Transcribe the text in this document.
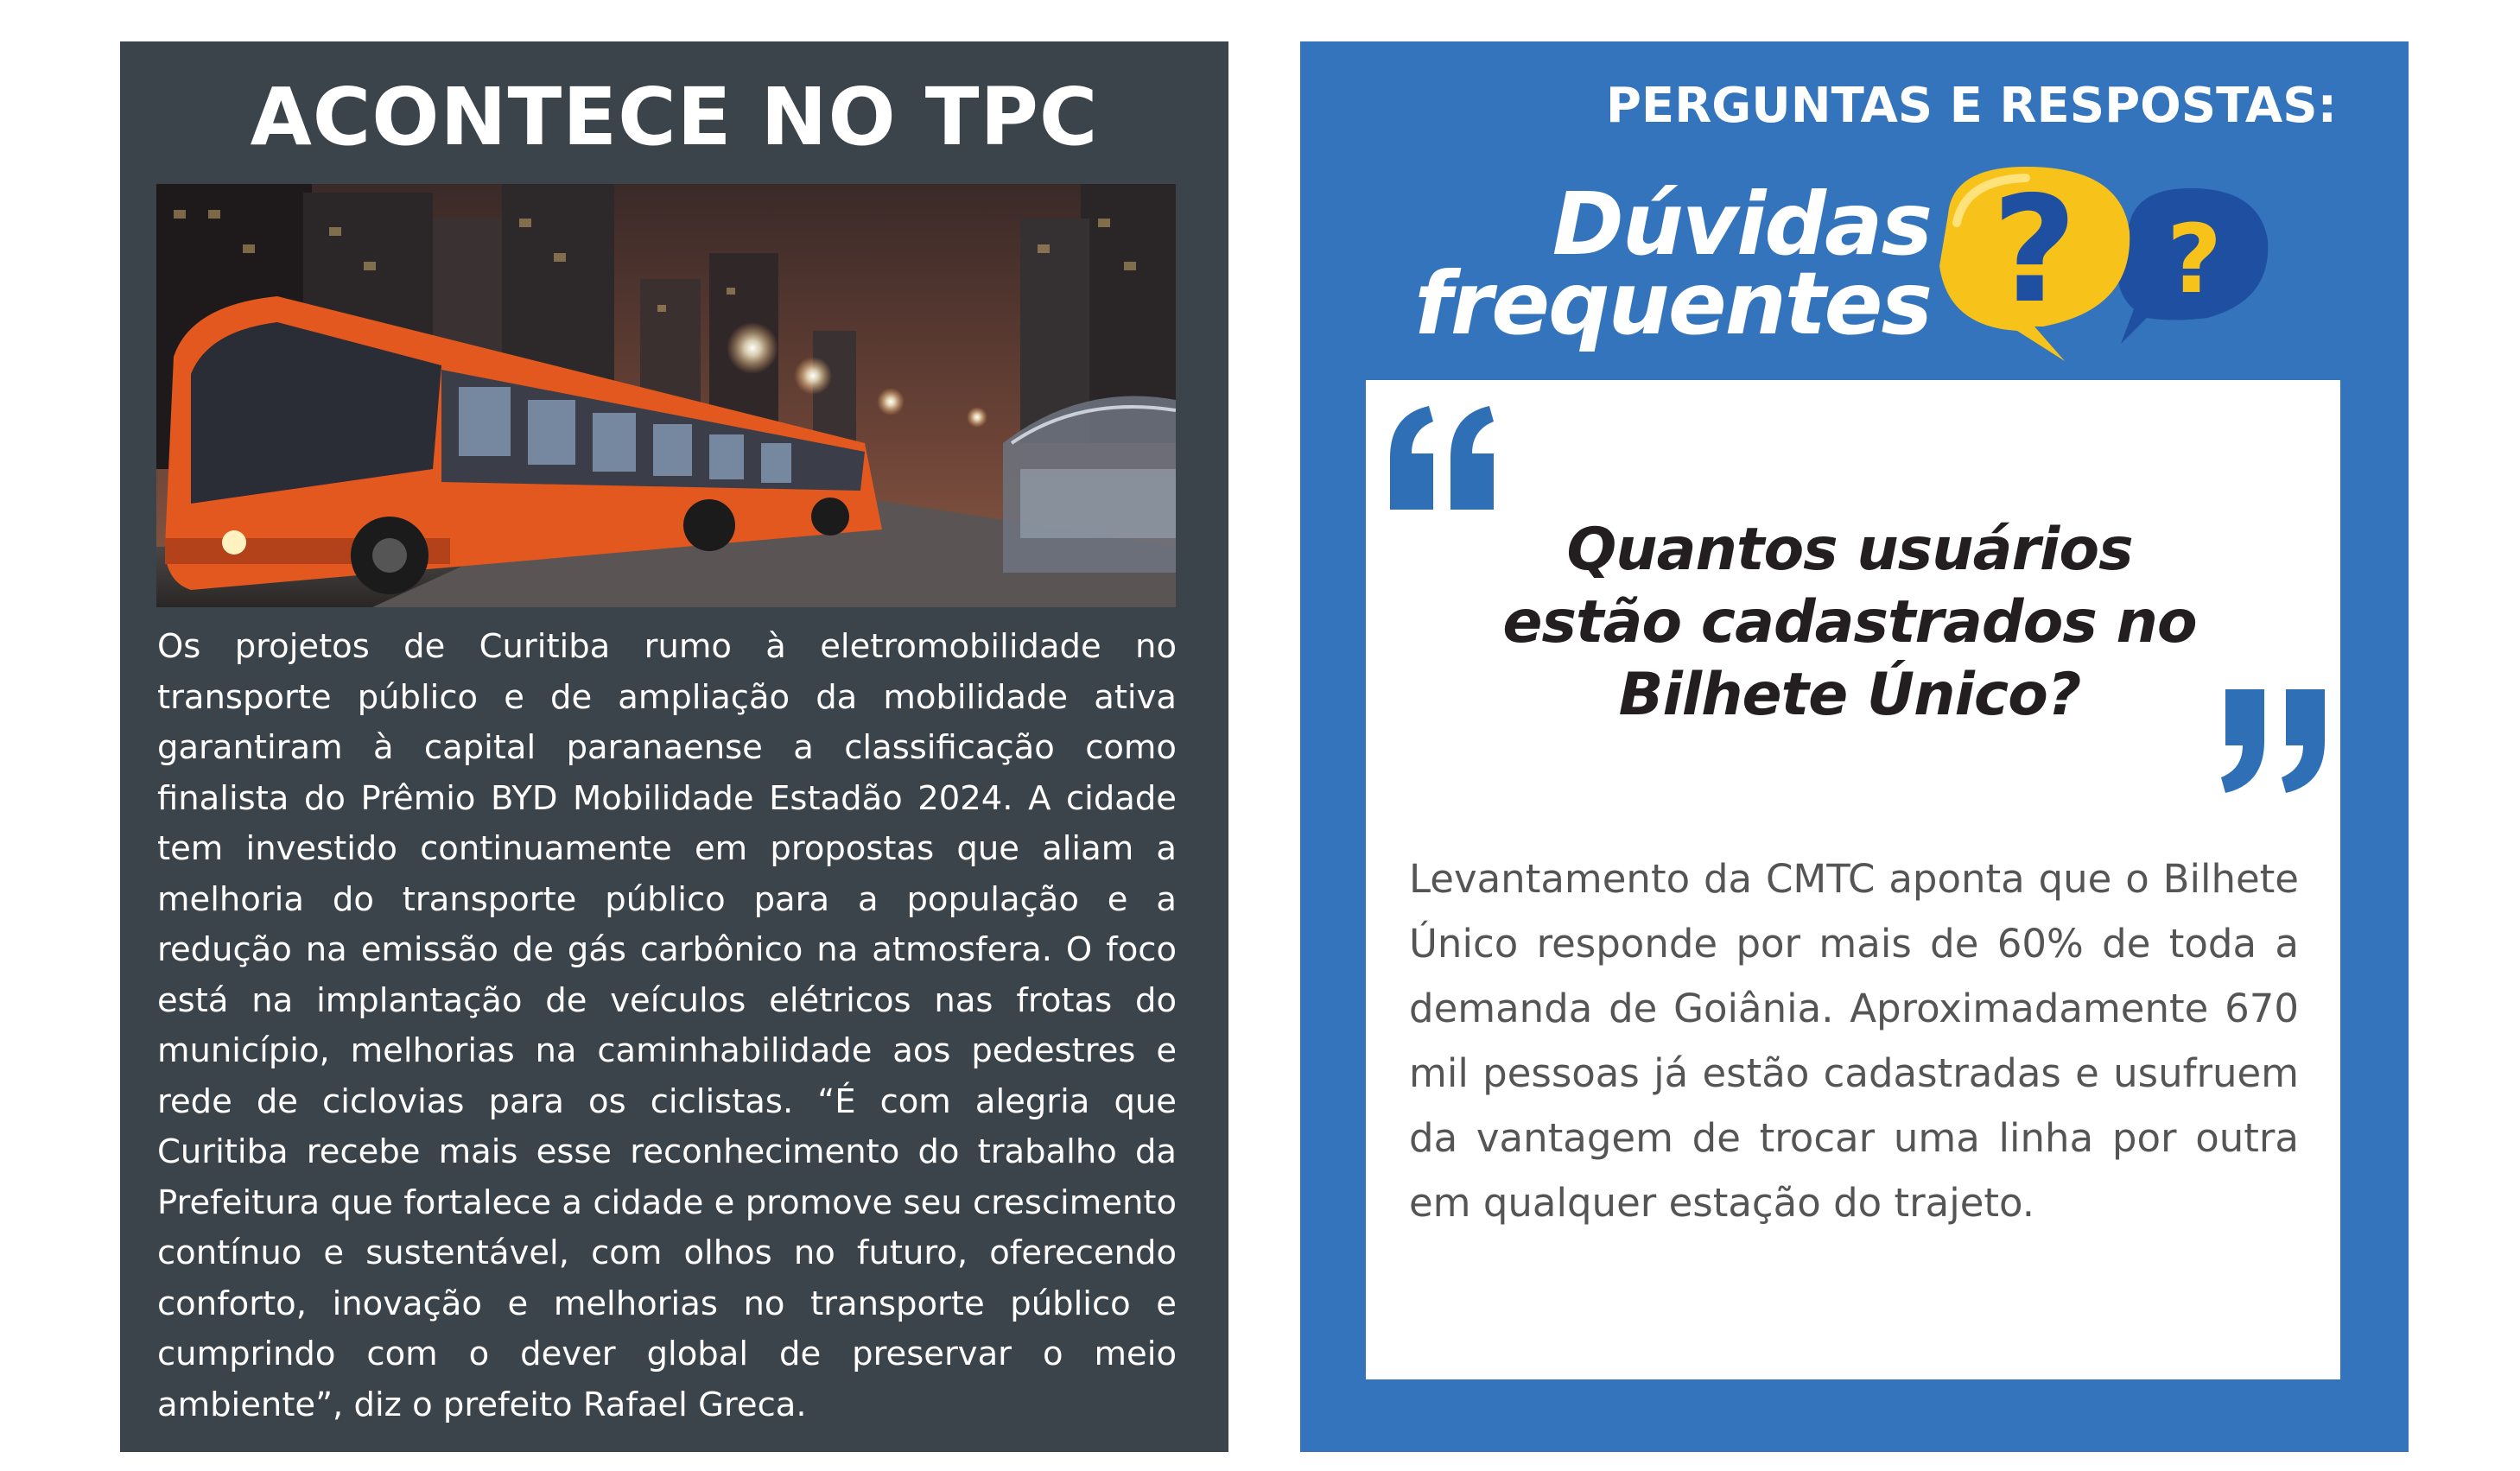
ACONTECE NO TPC

Os projetos de Curitiba rumo à eletromobilidade no transporte público e de ampliação da mobilidade ativa garantiram à capital paranaense a classificação como finalista do Prêmio BYD Mobilidade Estadão 2024. A cidade tem investido continuamente em propostas que aliam a melhoria do transporte público para a população e a redução na emissão de gás carbônico na atmosfera. O foco está na implantação de veículos elétricos nas frotas do município, melhorias na caminhabilidade aos pedestres e rede de ciclovias para os ciclistas. “É com alegria que Curitiba recebe mais esse reconhecimento do trabalho da Prefeitura que fortalece a cidade e promove seu crescimento contínuo e sustentável, com olhos no futuro, oferecendo conforto, inovação e melhorias no transporte público e cumprindo com o dever global de preservar o meio ambiente”, diz o prefeito Rafael Greca.

PERGUNTAS E RESPOSTAS:
Dúvidas
frequentes ?
?
Quantos usuários estão cadastrados no Bilhete Único?

Levantamento da CMTC aponta que o Bilhete Único responde por mais de 60% de toda a demanda de Goiânia. Aproximadamente 670 mil pessoas já estão cadastradas e usufruem da vantagem de trocar uma linha por outra em qualquer estação do trajeto.
